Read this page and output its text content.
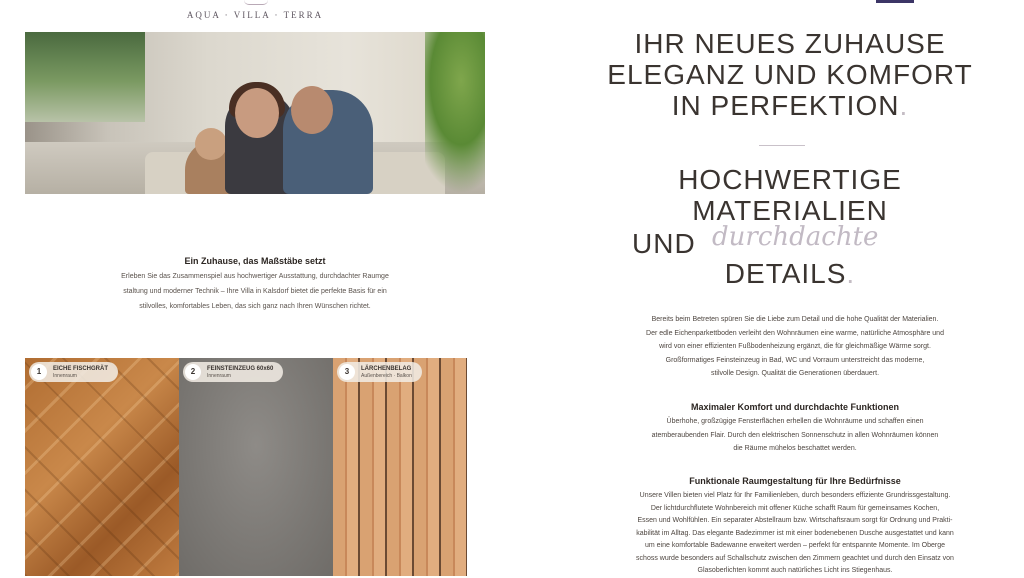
AQUA · VILLA · TERRA
Ein Zuhause, das Maßstäbe setzt
Erleben Sie das Zusammenspiel aus hochwertiger Ausstattung, durchdachter Raumge
staltung und moderner Technik – Ihre Villa in Kalsdorf bietet die perfekte Basis für ein
stilvolles, komfortables Leben, das sich ganz nach Ihren Wünschen richtet.
1	EICHE FISCHGRÄT
Innenraum	2	FEINSTEINZEUG 60x60
Innenraum	3	LÄRCHENBELAG
Außenbereich · Balkon
IHR NEUES ZUHAUSE
ELEGANZ UND KOMFORT
IN PERFEKTION.
HOCHWERTIGE
MATERIALIEN
UND durchdachte
DETAILS.
Bereits beim Betreten spüren Sie die Liebe zum Detail und die hohe Qualität der Materialien.
Der edle Eichenparkettboden verleiht den Wohnräumen eine warme, natürliche Atmosphäre und
wird von einer effizienten Fußbodenheizung ergänzt, die für gleichmäßige Wärme sorgt.
Großformatiges Feinsteinzeug in Bad, WC und Vorraum unterstreicht das moderne,
stilvolle Design. Qualität die Generationen überdauert.
Maximaler Komfort und durchdachte Funktionen
Überhohe, großzügige Fensterflächen erhellen die Wohnräume und schaffen einen
atemberaubenden Flair. Durch den elektrischen Sonnenschutz in allen Wohnräumen können
die Räume mühelos beschattet werden.
Funktionale Raumgestaltung für Ihre Bedürfnisse
Unsere Villen bieten viel Platz für Ihr Familienleben, durch besonders effiziente Grundrissgestaltung.
Der lichtdurchflutete Wohnbereich mit offener Küche schafft Raum für gemeinsames Kochen,
Essen und Wohlfühlen. Ein separater Abstellraum bzw. Wirtschaftsraum sorgt für Ordnung und Prakti-
kabilität im Alltag. Das elegante Badezimmer ist mit einer bodenebenen Dusche ausgestattet und kann
um eine komfortable Badewanne erweitert werden – perfekt für entspannte Momente. Im Oberge
schoss wurde besonders auf Schallschutz zwischen den Zimmern geachtet und durch den Einsatz von
Glasoberlichten kommt auch natürliches Licht ins Stiegenhaus.
